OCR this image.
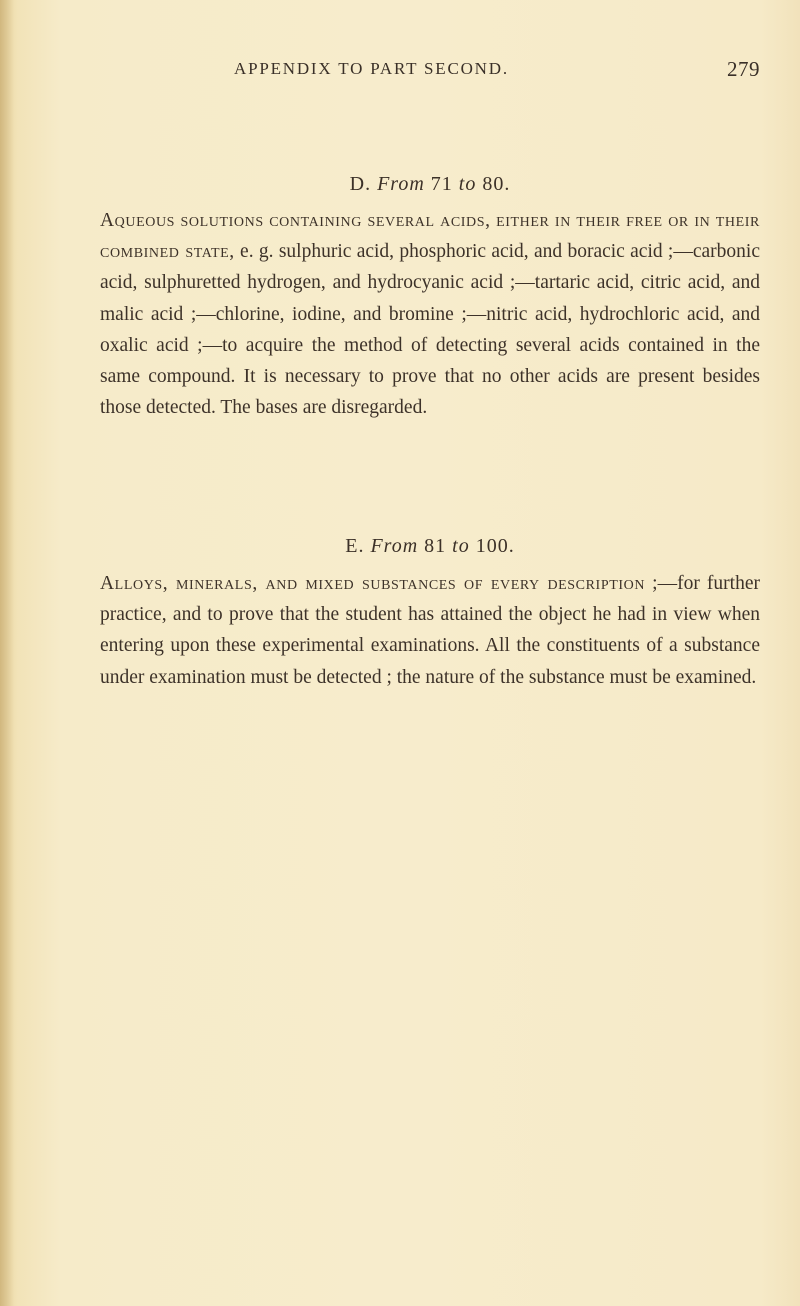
APPENDIX TO PART SECOND.	279

D. From 71 to 80.

Aqueous solutions containing several acids, either in their free or in their combined state, e. g. sulphuric acid, phosphoric acid, and boracic acid ;—carbonic acid, sulphuretted hydrogen, and hydrocyanic acid ;—tartaric acid, citric acid, and malic acid ;—chlorine, iodine, and bromine ;—nitric acid, hydrochloric acid, and oxalic acid ;—to acquire the method of detecting several acids contained in the same compound. It is necessary to prove that no other acids are present besides those detected. The bases are disregarded.

E. From 81 to 100.

Alloys, minerals, and mixed substances of every description ;—for further practice, and to prove that the student has attained the object he had in view when entering upon these experimental examinations. All the constituents of a substance under examination must be detected ; the nature of the substance must be examined.
